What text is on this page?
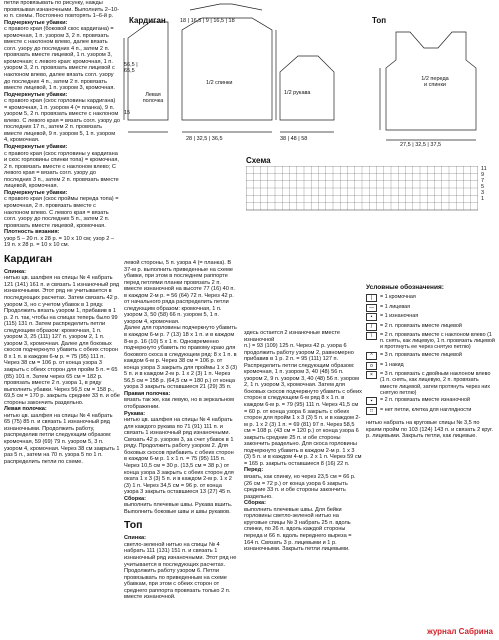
петли провязывать по рисунку, нажды провязывая изнаночными. Выполнить 2–10-ю п. схемы. Постоянно повторять 1–6-й р.

Подчеркнутые убавки:

с правого края (боковой скос кардигана) = кромочная, 1 п. узором 3, 2 п. провязать вместе с наклоном влево, далее вязать согл. узору до последних 4 п., затем 2 п. провязать вместе лицевой, 1 п. узором 3, кромочная; с левого края: кромочная, 1 п. узором 3, 2 п. провязать вместе лицевой с наклоном влево, далее вязать согл. узору до последних 4 п., затем 2 п. провязать вместе лицевой, 1 п. узором 3, кромочная.

Подчеркнутые убавки:

с правого края (скос горловины кардигана) = кромочная, 1 п. узором 4 (= планка), 9 п. узором 5, 2 п. провязать вместе с наклоном влево. С левого края = вязать согл. узору до последних 17 п., затем 2 п. провязать вместе лицевой, 9 п. узором 5, 1 п. узором 4, кромочная.

Подчеркнутые убавки:

с правого края (скос горловины у кардигана и скос горловины спинки топа) = кромочная, 2 п. провязать вместе с наклоном влево; С левого края = вязать согл. узору до последних 3 п., затем 2 п. провязать вместе лицевой, кромочная.

Подчеркнутые убавки:

с правого края (скос проймы переда топа) = кромочная, 2 п. провязать вместе с наклоном влево. С левого края = вязать согл. узору до последних 5 п., затем 2 п. провязать вместе лицевой, кромочная.

Плотность вязания:

узор 5 – 20 п. x 28 р. = 10 x 10 см; узор 2 – 19 п. x 28 р. = 10 x 10 см.

Кардиган

Спинка:

нитью цв. шалфея на спицы № 4 набрать 121 (141) 161 п. и связать 1 изнаночный ряд изнаночными. Этот ряд не учитывается в последующих расчетах. Затем связать 42 р. узором 3, но с учетом убавок в 1 ряду. Продолжить вязать узором 1, прибавив в 1 р. 2 п. так, чтобы на спицах теперь было 99 (115) 131 п. Затем распределить петли следующим образом: кромочная, 1 п. узором 3, 25 (111) 127 п. узором 2, 1 п. узором 3, кромочная. Далее для боковых скосов подчеркнуто убавить с обеих сторон 8 x 1 п. в каждом 6-м р. = 75 (95) 111 п. Через 38 см = 106 р. от конца узора 3 закрыть с обеих сторон для пройм 5 п. = 65 (85) 101 п. Затем через 65 см = 182 р. провязать вместе 2 п. узора 1, в ряду выполнить убавки. Через 56,5 см = 158 р., 69,5 см = 170 р. закрыть средние 33 п. и обе стороны закончить раздельно.

Левая полочка:

нитью цв. шалфея на спицы № 4 набрать 65 (75) 85 п. и связать 1 изнаночный ряд изнаночными. Продолжить работу, распределив петли следующим образом: кромочная, 59 (69) 79 п. узором 5, 3 п. узором 4, кромочная. Через 38 см закрыть 1 раз 5 п., затем на 70 п. узора 5 по 1 п. распределить петли по схеме.

Кардиган
Левая полочка
1/2 спинки
1/2 рукава
18 | 16,5 | 9 | 16,5 | 18
56,5 | 65,5
28 | 32,5 | 36,5	38 | 48 | 58
15
Топ
1/2 переда и спинки
27,5 | 32,5 | 37,5
Схема
11
9
7
5
3
1

левой стороны, 5 п. узора 4 (= планка). В 37-м р. выполнить приведенные на схеме убавки, при этом в последнем раппорте перед петлями планки провязать 2 п. вместе изнаночной на высоте 77 (16) 40 п. в каждом 2-м р. = 56 (64) 72 п. Через 42 р. от начального ряда распределить петли следующим образом: кромочная, 1 п. узором 3, 50 (58) 66 п. узором 5, 1 п. узором 4, кромочная.

Далее для горловины подчеркнуто убавить в каждом 6-м р. 7 (13) 18 x 1 п. и в каждом 8-м р. 16 (10) 5 x 1 п. Одновременно подчеркнуто убавить по правому краю для бокового скоса в следующем ряд: 8 x 1 п. в каждом 6-м р. Через 38 см = 106 р. от конца узора 3 закрыть для проймы 1 x 3 (3) 5 п. и в каждом 2-м р. 1 x 2 (3) 1 п. Через 56,5 см = 158 р. (64,5 см = 180 р.) от конца узора 3 закрыть оставшиеся 21 (29) 35 п.

Правая полочка:

вязать так же, как левую, но в зеркальном отображении.

Рукава:

нитью цв. шалфея на спицы № 4 набрать для каждого рукава по 71 (91) 111 п. и связать 1 изнаночный ряд изнаночными. Связать 42 р. узором 3, за счет убавок в 1 ряду. Продолжить работу узором 2. Для боковых скосов прибавить с обеих сторон в каждом 6-м р. 1 x 1 п. = 75 (95) 115 п. Через 10,5 см = 30 р. (13,5 см = 38 р.) от конца узора 3 закрыть с обеих сторон для оката 1 x 3 (3) 5 п. и в каждом 2-м р. 1 x 2 (3) 1 п. Через 34,5 см = 96 р. от конца узора 3 закрыть оставшиеся 13 (27) 45 п.

Сборка:

выполнить плечевые швы. Рукава вшить. Выполнить боковые швы и швы рукавов.

Топ

Спинка:

светло-зеленой нитью на спицы № 4 набрать 111 (131) 151 п. и связать 1 изнаночный ряд изнаночными. Этот ряд не учитывается в последующих расчетах. Продолжить работу узором 6. Петли провязывать по приведенным на схеме убавкам, при этом с обеих сторон от среднего раппорта провязать только 2 п. вместе изнаночной.

здесь остается 2 изнаночные вместе изнаночной

п.) = 93 (109) 125 п. Через 42 р. узора 6 продолжить работу узором 2, равномерно прибавив в 1 р. 2 п. = 95 (111) 127 п. Распределить петли следующим образом: кромочная, 1 п. узором 3, 40 (48) 56 п. узором 2, 9 п. узором 3, 40 (48) 56 п. узором 2, 1 п. узором 3, кромочная. Затем для боковых скосов подчеркнуто убавить с обеих сторон в следующем 6-м ряд 8 x 1 п. в каждом 6-м р. = 79 (95) 111 п. Через 41,5 см = 60 р. от конца узора 6 закрыть с обеих сторон для пройм 1 x 3 (3) 5 п. и в каждом 2-м р. 1 x 2 (3) 1 п. = 69 (81) 97 п. Через 58,5 см = 108 р. (43 см = 120 р.) от конца узора 6 закрыть средние 25 п. и обе стороны закончить раздельно. Для скоса горловины подчеркнуто убавить в каждом 2-м р. 1 x 3 (3) 5 п. и в каждом 4-м р. 2 x 1 п. Через 59 см = 165 р. закрыть оставшиеся 8 (16) 22 п.

Перед:

вязать, как спинку, но через 23,5 см = 66 р. (26 см = 72 р.) от конца узора 6 закрыть средние 33 п. и обе стороны закончить раздельно.

Сборка:

выполнить плечевые швы. Для бейки горловины светло-зеленой нитью на круговые спицы № 3 набрать 25 п. вдоль спинки, по 26 п. вдоль каждой стороны переда и 66 п. вдоль переднего выреза = 164 п. Связать 3 р. лицевыми и 1 р. изнаночными. Закрыть петли лицевыми.

Условные обозначения:
|	= 1 кромочная
—	= 1 лицевая
•	= 1 изнаночная
/	= 2 п. провязать вместе лицевой
\	= 2 п. провязать вместе с наклоном влево (1 п. снять, как лицевую, 1 п. провязать лицевой и протянуть ее через снятую петлю)
^	= 3 п. провязать вместе лицевой
o	= 1 накид
×	= 3 п. провязать с двойным наклоном влево (1 п. снять, как лицевую, 2 п. провязать вместе лицевой, затем протянуть через них снятую петлю)
▪	= 2 п. провязать вместе изнаночной
□	= нет петли, клетка для наглядности

нитью набрать на круговые спицы № 3,5 по краям пройм по 103 (124) 143 п. и связать 2 круг. р. лицевыми. Закрыть петли, как лицевые.

журнал Сабрина
